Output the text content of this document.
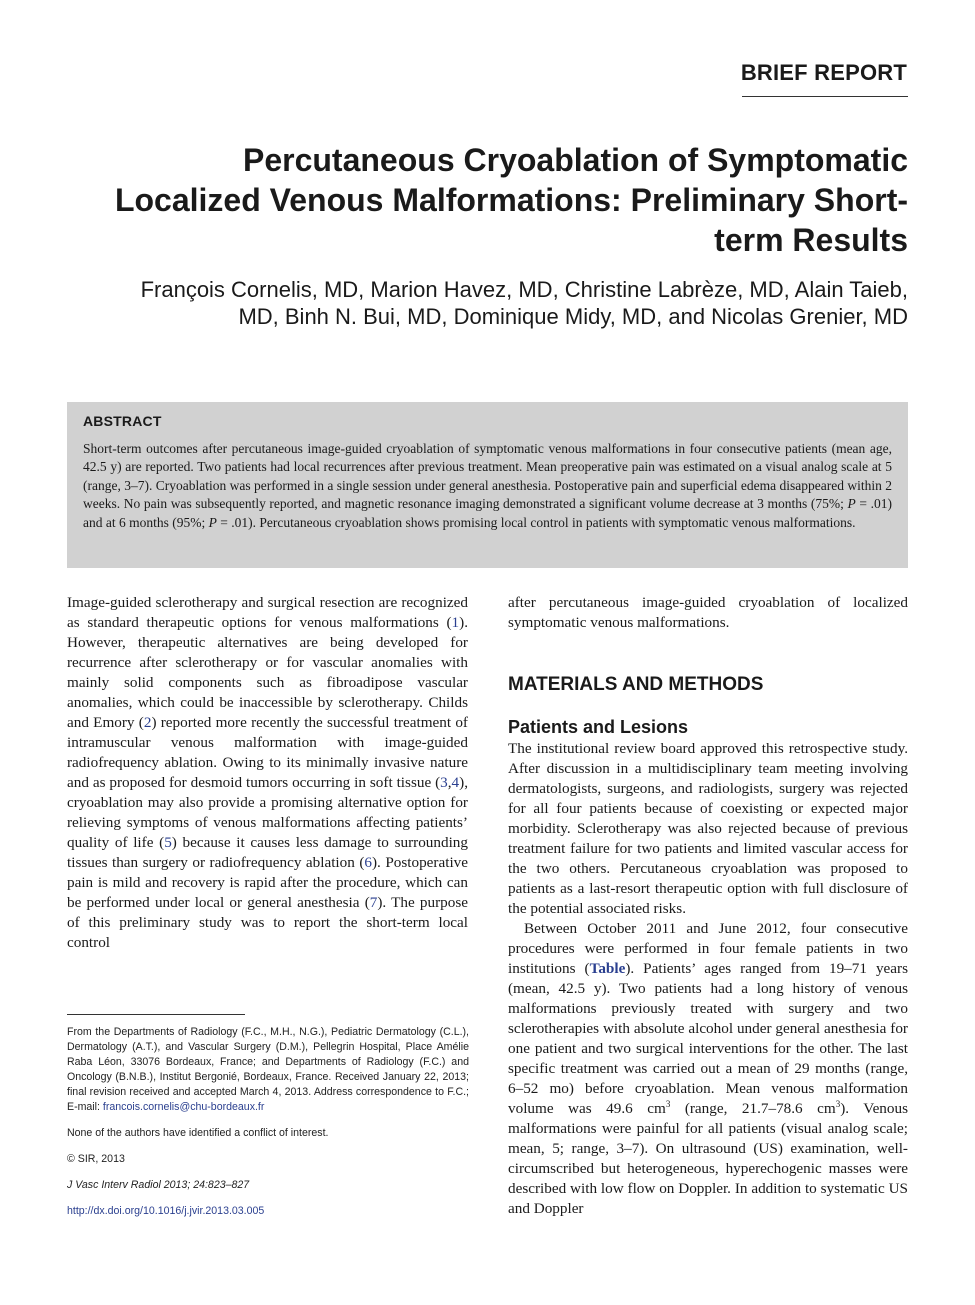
BRIEF REPORT
Percutaneous Cryoablation of Symptomatic Localized Venous Malformations: Preliminary Short-term Results
François Cornelis, MD, Marion Havez, MD, Christine Labrèze, MD, Alain Taieb, MD, Binh N. Bui, MD, Dominique Midy, MD, and Nicolas Grenier, MD
ABSTRACT
Short-term outcomes after percutaneous image-guided cryoablation of symptomatic venous malformations in four consecutive patients (mean age, 42.5 y) are reported. Two patients had local recurrences after previous treatment. Mean preoperative pain was estimated on a visual analog scale at 5 (range, 3–7). Cryoablation was performed in a single session under general anesthesia. Postoperative pain and superficial edema disappeared within 2 weeks. No pain was subsequently reported, and magnetic resonance imaging demonstrated a significant volume decrease at 3 months (75%; P = .01) and at 6 months (95%; P = .01). Percutaneous cryoablation shows promising local control in patients with symptomatic venous malformations.

Image-guided sclerotherapy and surgical resection are recognized as standard therapeutic options for venous malformations (1). However, therapeutic alternatives are being developed for recurrence after sclerotherapy or for vascular anomalies with mainly solid components such as fibroadipose vascular anomalies, which could be inaccessible by sclerotherapy. Childs and Emory (2) reported more recently the successful treatment of intramuscular venous malformation with image-guided radiofrequency ablation. Owing to its minimally invasive nature and as proposed for desmoid tumors occurring in soft tissue (3,4), cryoablation may also provide a promising alternative option for relieving symptoms of venous malformations affecting patients’ quality of life (5) because it causes less damage to surrounding tissues than surgery or radiofrequency ablation (6). Postoperative pain is mild and recovery is rapid after the procedure, which can be performed under local or general anesthesia (7). The purpose of this preliminary study was to report the short-term local control

after percutaneous image-guided cryoablation of localized symptomatic venous malformations.

MATERIALS AND METHODS
Patients and Lesions

The institutional review board approved this retrospective study. After discussion in a multidisciplinary team meeting involving dermatologists, surgeons, and radiologists, surgery was rejected for all four patients because of coexisting or expected major morbidity. Sclerotherapy was also rejected because of previous treatment failure for two patients and limited vascular access for the two others. Percutaneous cryoablation was proposed to patients as a last-resort therapeutic option with full disclosure of the potential associated risks.

Between October 2011 and June 2012, four consecutive procedures were performed in four female patients in two institutions (Table). Patients’ ages ranged from 19–71 years (mean, 42.5 y). Two patients had a long history of venous malformations previously treated with surgery and two sclerotherapies with absolute alcohol under general anesthesia for one patient and two surgical interventions for the other. The last specific treatment was carried out a mean of 29 months (range, 6–52 mo) before cryoablation. Mean venous malformation volume was 49.6 $cm^3$ (range, 21.7–78.6 $cm^3$). Venous malformations were painful for all patients (visual analog scale; mean, 5; range, 3–7). On ultrasound (US) examination, well-circumscribed but heterogeneous, hyperechogenic masses were described with low flow on Doppler. In addition to systematic US and Doppler

From the Departments of Radiology (F.C., M.H., N.G.), Pediatric Dermatology (C.L.), Dermatology (A.T.), and Vascular Surgery (D.M.), Pellegrin Hospital, Place Amélie Raba Léon, 33076 Bordeaux, France; and Departments of Radiology (F.C.) and Oncology (B.N.B.), Institut Bergonié, Bordeaux, France. Received January 22, 2013; final revision received and accepted March 4, 2013. Address correspondence to F.C.; E-mail: francois.cornelis@chu-bordeaux.fr

None of the authors have identified a conflict of interest.

© SIR, 2013

J Vasc Interv Radiol 2013; 24:823–827

http://dx.doi.org/10.1016/j.jvir.2013.03.005
